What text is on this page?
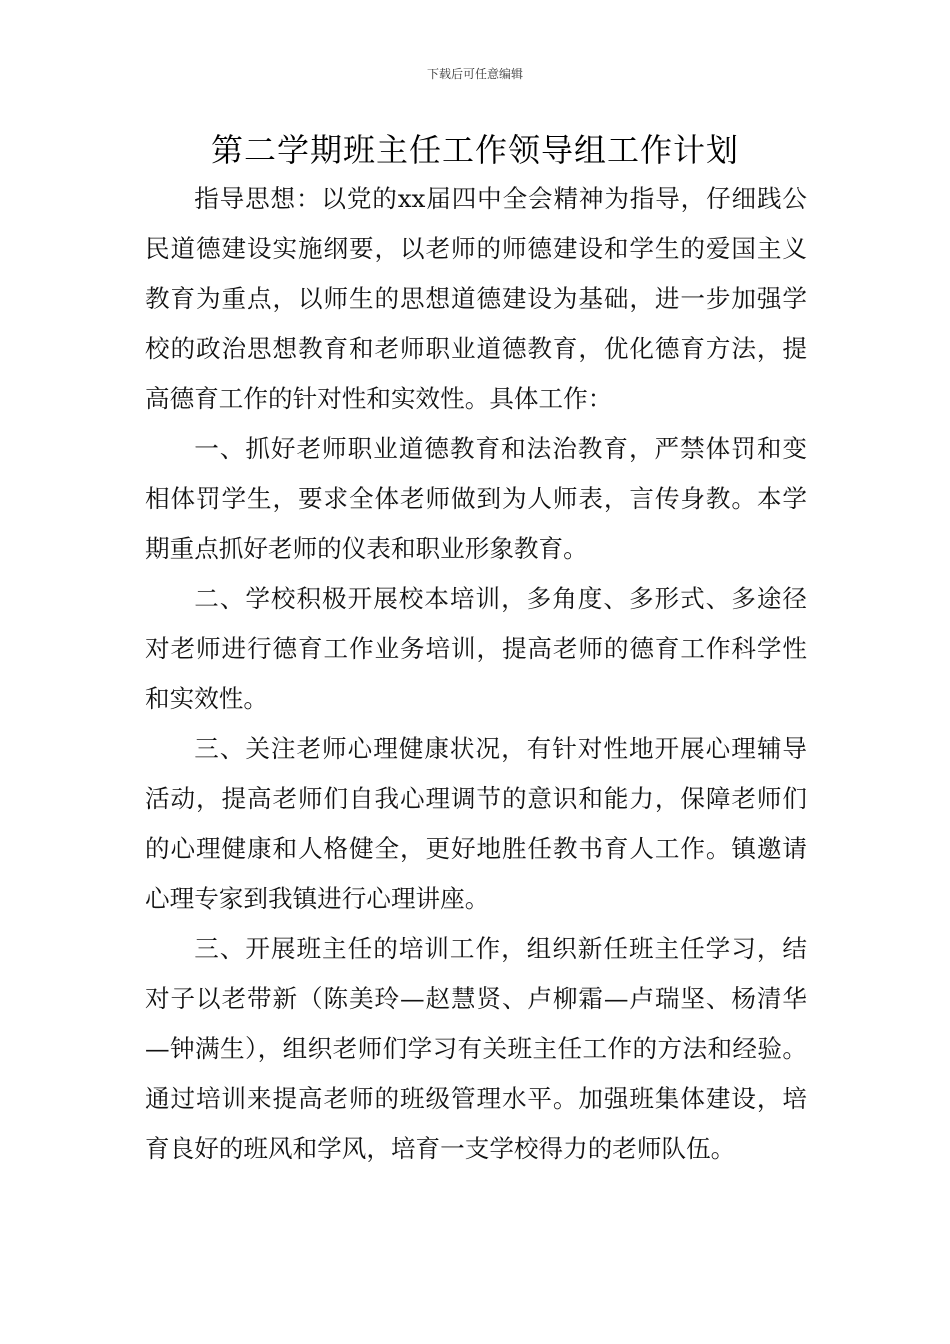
下载后可任意编辑
第二学期班主任工作领导组工作计划

指导思想：以党的xx届四中全会精神为指导，仔细践公民道德建设实施纲要，以老师的师德建设和学生的爱国主义教育为重点，以师生的思想道德建设为基础，进一步加强学校的政治思想教育和老师职业道德教育，优化德育方法，提高德育工作的针对性和实效性。具体工作：

一、抓好老师职业道德教育和法治教育，严禁体罚和变相体罚学生，要求全体老师做到为人师表，言传身教。本学期重点抓好老师的仪表和职业形象教育。

二、学校积极开展校本培训，多角度、多形式、多途径对老师进行德育工作业务培训，提高老师的德育工作科学性和实效性。

三、关注老师心理健康状况，有针对性地开展心理辅导活动，提高老师们自我心理调节的意识和能力，保障老师们的心理健康和人格健全，更好地胜任教书育人工作。镇邀请心理专家到我镇进行心理讲座。

三、开展班主任的培训工作，组织新任班主任学习，结对子以老带新（陈美玲—赵慧贤、卢柳霜—卢瑞坚、杨清华—钟满生），组织老师们学习有关班主任工作的方法和经验。通过培训来提高老师的班级管理水平。加强班集体建设，培育良好的班风和学风，培育一支学校得力的老师队伍。
